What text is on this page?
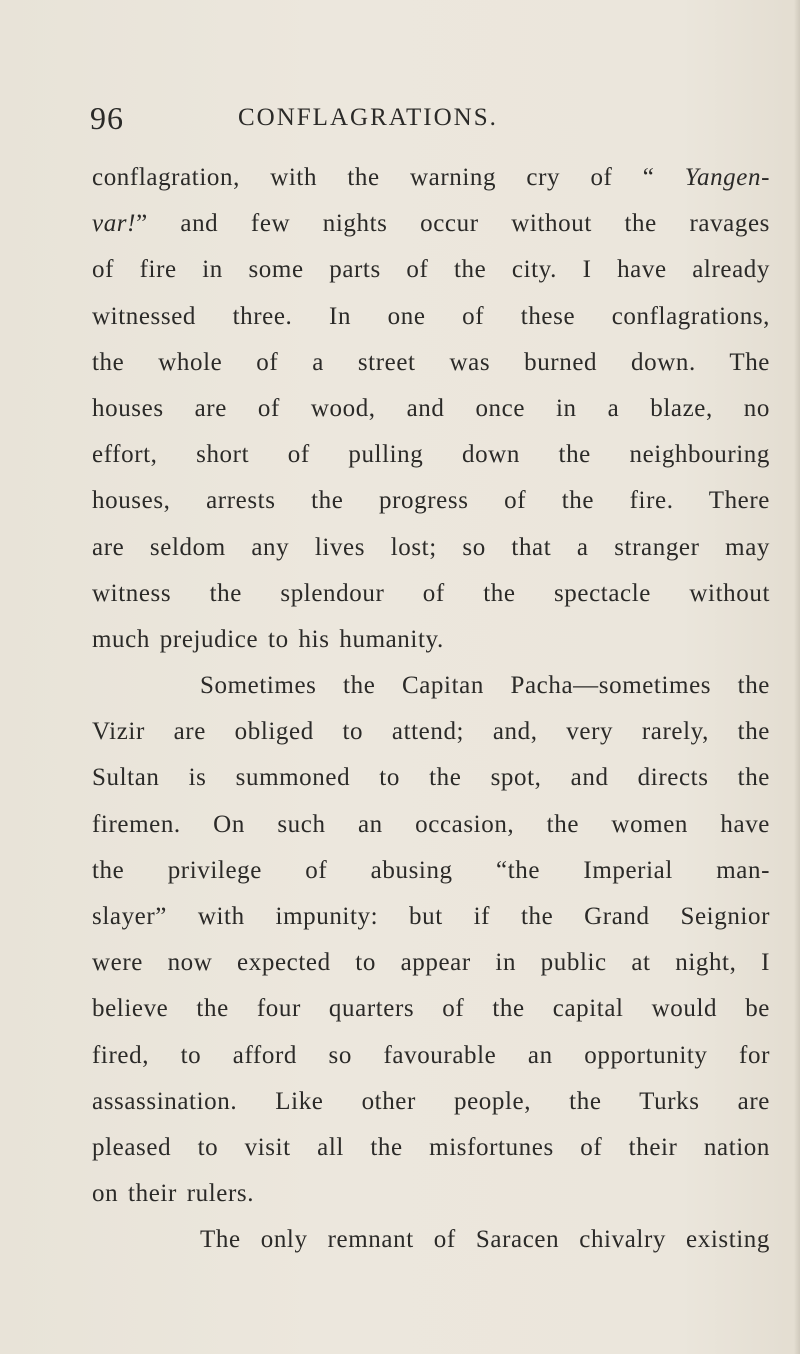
96	CONFLAGRATIONS.
conflagration, with the warning cry of “ Yangen-
var!” and few nights occur without the ravages
of fire in some parts of the city. I have already
witnessed three. In one of these conflagrations,
the whole of a street was burned down. The
houses are of wood, and once in a blaze, no
effort, short of pulling down the neighbouring
houses, arrests the progress of the fire. There
are seldom any lives lost; so that a stranger may
witness the splendour of the spectacle without
much prejudice to his humanity.
Sometimes the Capitan Pacha—sometimes the
Vizir are obliged to attend; and, very rarely, the
Sultan is summoned to the spot, and directs the
firemen. On such an occasion, the women have
the privilege of abusing “the Imperial man-
slayer” with impunity: but if the Grand Seignior
were now expected to appear in public at night, I
believe the four quarters of the capital would be
fired, to afford so favourable an opportunity for
assassination. Like other people, the Turks are
pleased to visit all the misfortunes of their nation
on their rulers.
The only remnant of Saracen chivalry existing
